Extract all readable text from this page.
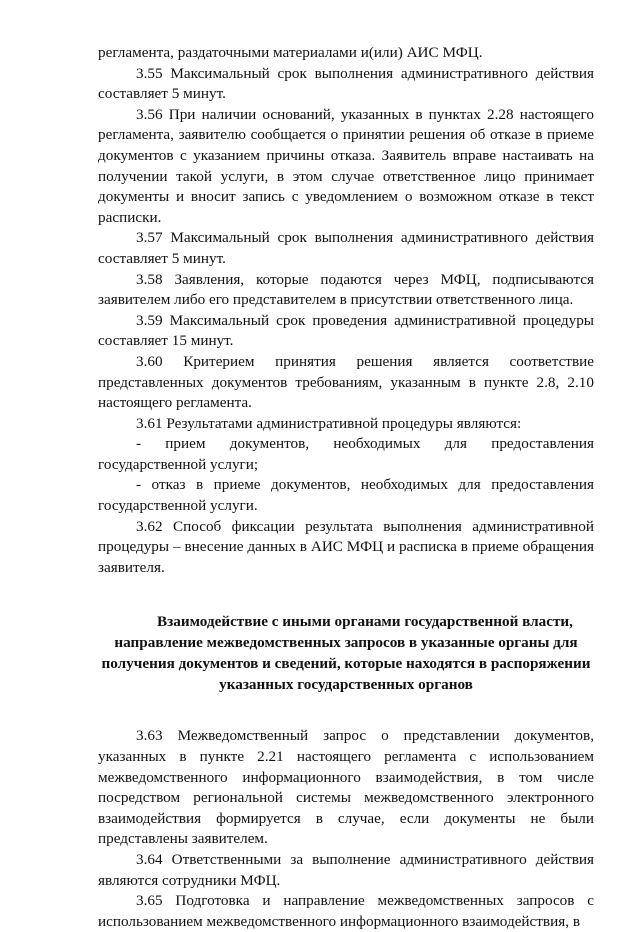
регламента, раздаточными материалами и(или) АИС МФЦ.

3.55 Максимальный срок выполнения административного действия составляет 5 минут.

3.56 При наличии оснований, указанных в пунктах 2.28 настоящего регламента, заявителю сообщается о принятии решения об отказе в приеме документов с указанием причины отказа. Заявитель вправе настаивать на получении такой услуги, в этом случае ответственное лицо принимает документы и вносит запись с уведомлением о возможном отказе в текст расписки.

3.57 Максимальный срок выполнения административного действия составляет 5 минут.

3.58 Заявления, которые подаются через МФЦ, подписываются заявителем либо его представителем в присутствии ответственного лица.

3.59 Максимальный срок проведения административной процедуры составляет 15 минут.

3.60 Критерием принятия решения является соответствие представленных документов требованиям, указанным в пункте 2.8, 2.10 настоящего регламента.

3.61 Результатами административной процедуры являются:

- прием документов, необходимых для предоставления государственной услуги;

- отказ в приеме документов, необходимых для предоставления государственной услуги.

3.62 Способ фиксации результата выполнения административной процедуры – внесение данных в АИС МФЦ и расписка в приеме обращения заявителя.

Взаимодействие с иными органами государственной власти,
направление межведомственных запросов в указанные органы для
получения документов и сведений, которые находятся в распоряжении
указанных государственных органов

3.63 Межведомственный запрос о представлении документов, указанных в пункте 2.21 настоящего регламента с использованием межведомственного информационного взаимодействия, в том числе посредством региональной системы межведомственного электронного взаимодействия формируется в случае, если документы не были представлены заявителем.

3.64 Ответственными за выполнение административного действия являются сотрудники МФЦ.

3.65 Подготовка и направление межведомственных запросов с использованием межведомственного информационного взаимодействия, в
